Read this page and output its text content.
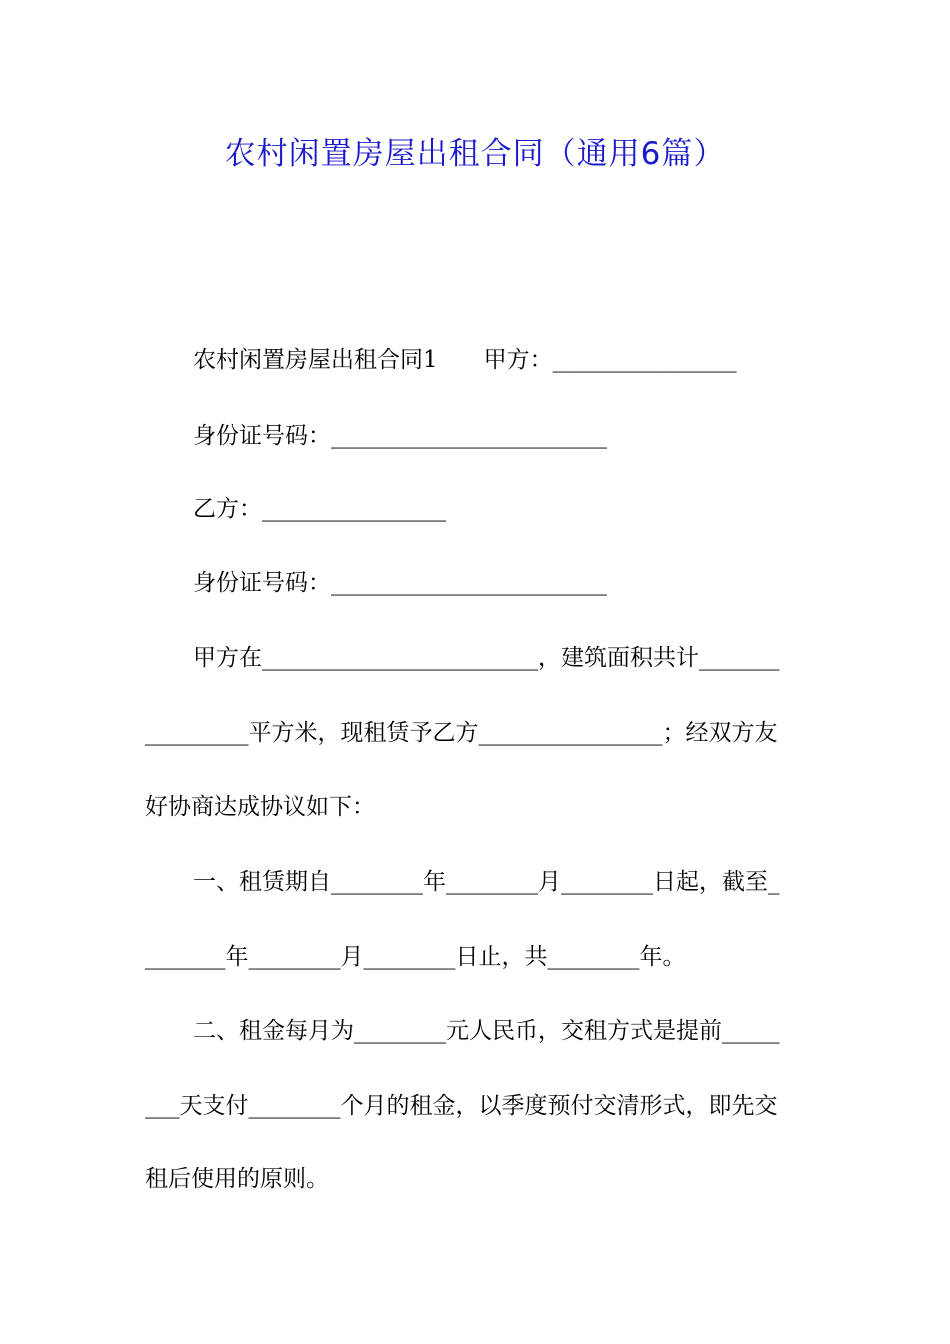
农村闲置房屋出租合同（通用6篇）
农村闲置房屋出租合同1　　甲方：________________
身份证号码：________________________
乙方：________________
身份证号码：________________________
甲方在________________________，建筑面积共计_______
_________平方米，现租赁予乙方________________；经双方友
好协商达成协议如下：
一、租赁期自________年________月________日起，截至_
_______年________月________日止，共________年。
二、租金每月为________元人民币，交租方式是提前_____
___天支付________个月的租金，以季度预付交清形式，即先交
租后使用的原则。
